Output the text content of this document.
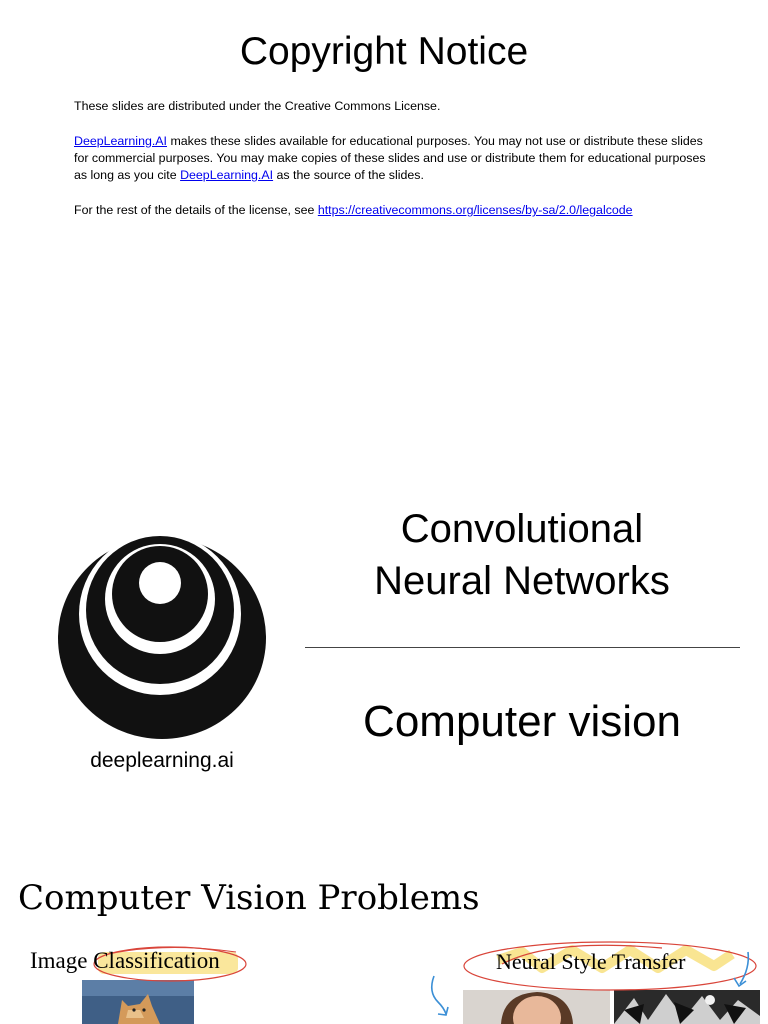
Copyright Notice
These slides are distributed under the Creative Commons License.
DeepLearning.AI makes these slides available for educational purposes. You may not use or distribute these slides for commercial purposes. You may make copies of these slides and use or distribute them for educational purposes as long as you cite DeepLearning.AI as the source of the slides.
For the rest of the details of the license, see https://creativecommons.org/licenses/by-sa/2.0/legalcode
deeplearning.ai
Convolutional
Neural Networks
Computer vision
Computer Vision Problems
Image Classification	Neural Style Transfer
